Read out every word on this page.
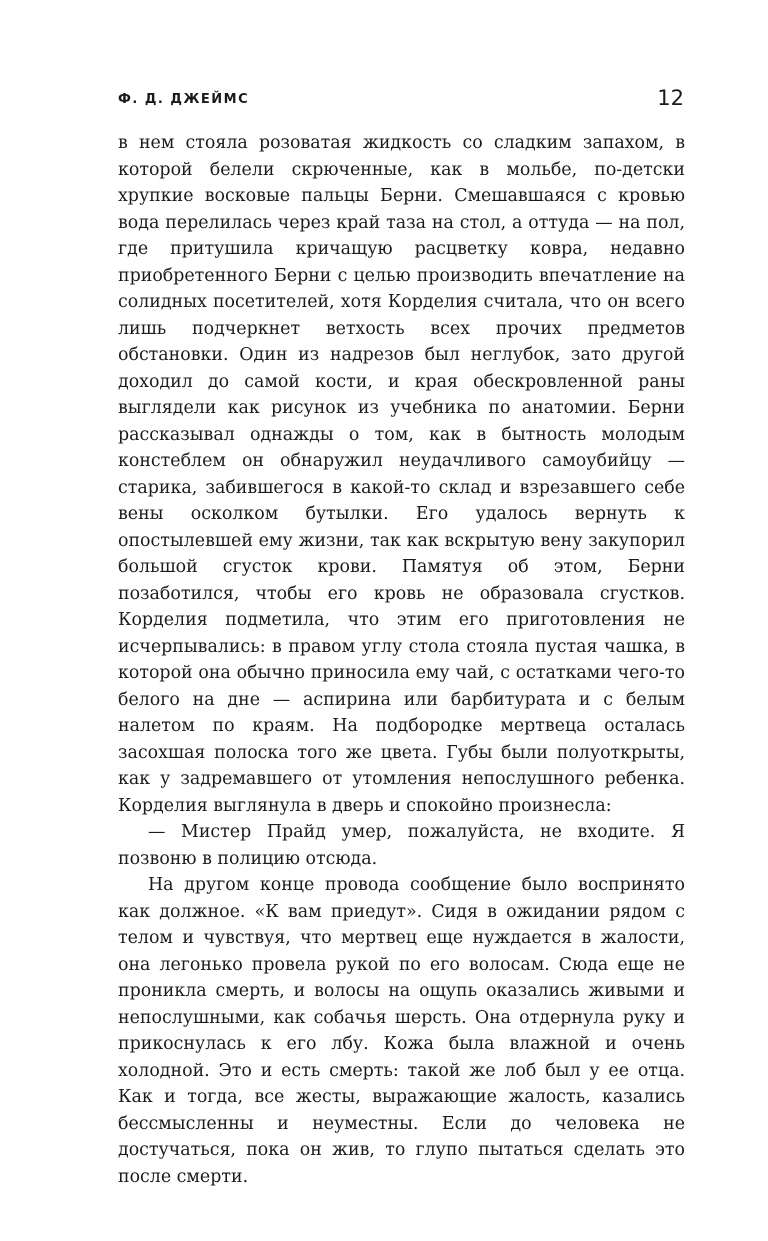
Ф. Д. ДЖЕЙМС	12

в нем стояла розоватая жидкость со сладким запахом, в которой белели скрюченные, как в мольбе, по-детски хрупкие восковые пальцы Берни. Смешавшаяся с кровью вода перелилась через край таза на стол, а оттуда — на пол, где притушила кричащую расцветку ковра, недавно приобретенного Берни с целью производить впечатление на солидных посетителей, хотя Корделия считала, что он всего лишь подчеркнет ветхость всех прочих предметов обстановки. Один из надрезов был неглубок, зато другой доходил до самой кости, и края обескровленной раны выглядели как рисунок из учебника по анатомии. Берни рассказывал однажды о том, как в бытность молодым констеблем он обнаружил неудачливого самоубийцу — старика, забившегося в какой-то склад и взрезавшего себе вены осколком бутылки. Его удалось вернуть к опостылевшей ему жизни, так как вскрытую вену закупорил большой сгусток крови. Памятуя об этом, Берни позаботился, чтобы его кровь не образовала сгустков. Корделия подметила, что этим его приготовления не исчерпывались: в правом углу стола стояла пустая чашка, в которой она обычно приносила ему чай, с остатками чего-то белого на дне — аспирина или барбитурата и с белым налетом по краям. На подбородке мертвеца осталась засохшая полоска того же цвета. Губы были полуоткрыты, как у задремавшего от утомления непослушного ребенка. Корделия выглянула в дверь и спокойно произнесла:

— Мистер Прайд умер, пожалуйста, не входите. Я позвоню в полицию отсюда.

На другом конце провода сообщение было воспринято как должное. «К вам приедут». Сидя в ожидании рядом с телом и чувствуя, что мертвец еще нуждается в жалости, она легонько провела рукой по его волосам. Сюда еще не проникла смерть, и волосы на ощупь оказались живыми и непослушными, как собачья шерсть. Она отдернула руку и прикоснулась к его лбу. Кожа была влажной и очень холодной. Это и есть смерть: такой же лоб был у ее отца. Как и тогда, все жесты, выражающие жалость, казались бессмысленны и неуместны. Если до человека не достучаться, пока он жив, то глупо пытаться сделать это после смерти.
